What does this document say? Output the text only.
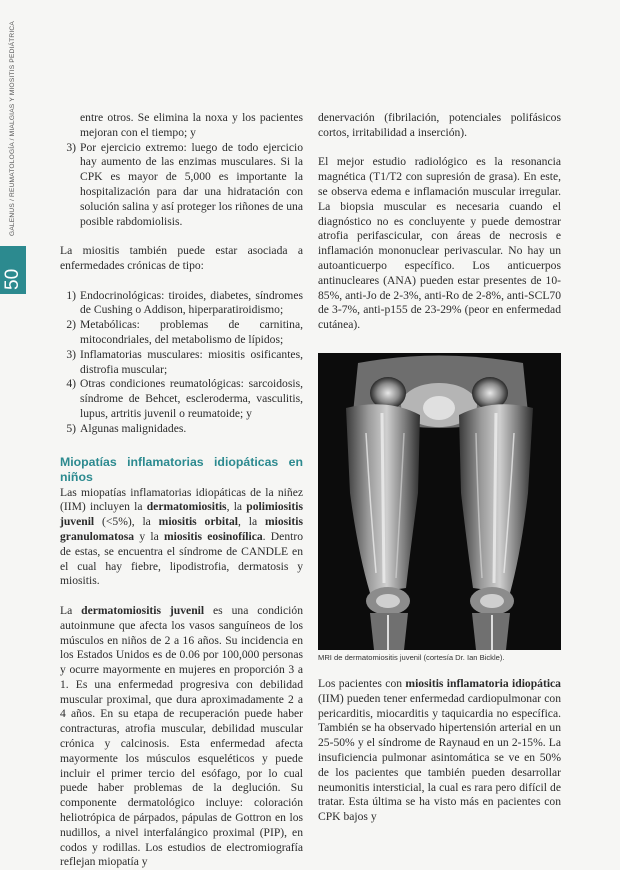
GALENUS / REUMATOLOGÍA / MIALGIAS Y MIOSITIS PEDIÁTRICA
50
entre otros. Se elimina la noxa y los pacientes mejoran con el tiempo; y
3) Por ejercicio extremo: luego de todo ejercicio hay aumento de las enzimas musculares. Si la CPK es mayor de 5,000 es importante la hospitalización para dar una hidratación con solución salina y así proteger los riñones de una posible rabdomiolisis.

La miositis también puede estar asociada a enfermedades crónicas de tipo:

1) Endocrinológicas: tiroides, diabetes, síndromes de Cushing o Addison, hiperparatiroidismo;
2) Metabólicas: problemas de carnitina, mitocondriales, del metabolismo de lípidos;
3) Inflamatorias musculares: miositis osificantes, distrofia muscular;
4) Otras condiciones reumatológicas: sarcoidosis, síndrome de Behcet, escleroderma, vasculitis, lupus, artritis juvenil o reumatoide; y
5) Algunas malignidades.
Miopatías inflamatorias idiopáticas en niños

Las miopatías inflamatorias idiopáticas de la niñez (IIM) incluyen la dermatomiositis, la polimiositis juvenil (<5%), la miositis orbital, la miositis granulomatosa y la miositis eosinofílica. Dentro de estas, se encuentra el síndrome de CANDLE en el cual hay fiebre, lipodistrofia, dermatosis y miositis.

La dermatomiositis juvenil es una condición autoinmune que afecta los vasos sanguíneos de los músculos en niños de 2 a 16 años. Su incidencia en los Estados Unidos es de 0.06 por 100,000 personas y ocurre mayormente en mujeres en proporción 3 a 1. Es una enfermedad progresiva con debilidad muscular proximal, que dura aproximadamente 2 a 4 años. En su etapa de recuperación puede haber contracturas, atrofia muscular, debilidad muscular crónica y calcinosis. Esta enfermedad afecta mayormente los músculos esqueléticos y puede incluir el primer tercio del esófago, por lo cual puede haber problemas de la deglución. Su componente dermatológico incluye: coloración heliotrópica de párpados, pápulas de Gottron en los nudillos, a nivel interfalángico proximal (PIP), en codos y rodillas. Los estudios de electromiografía reflejan miopatía y

denervación (fibrilación, potenciales polifásicos cortos, irritabilidad a inserción).

El mejor estudio radiológico es la resonancia magnética (T1/T2 con supresión de grasa). En este, se observa edema e inflamación muscular irregular. La biopsia muscular es necesaria cuando el diagnóstico no es concluyente y puede demostrar atrofia perifascicular, con áreas de necrosis e inflamación mononuclear perivascular. No hay un autoanticuerpo específico. Los anticuerpos antinucleares (ANA) pueden estar presentes de 10-85%, anti-Jo de 2-3%, anti-Ro de 2-8%, anti-SCL70 de 3-7%, anti-p155 de 23-29% (peor en enfermedad cutánea).

MRI de dermatomiositis juvenil (cortesía Dr. Ian Bickle).

Los pacientes con miositis inflamatoria idiopática (IIM) pueden tener enfermedad cardiopulmonar con pericarditis, miocarditis y taquicardia no específica. También se ha observado hipertensión arterial en un 25-50% y el síndrome de Raynaud en un 2-15%. La insuficiencia pulmonar asintomática se ve en 50% de los pacientes que también pueden desarrollar neumonitis intersticial, la cual es rara pero difícil de tratar. Esta última se ha visto más en pacientes con CPK bajos y
